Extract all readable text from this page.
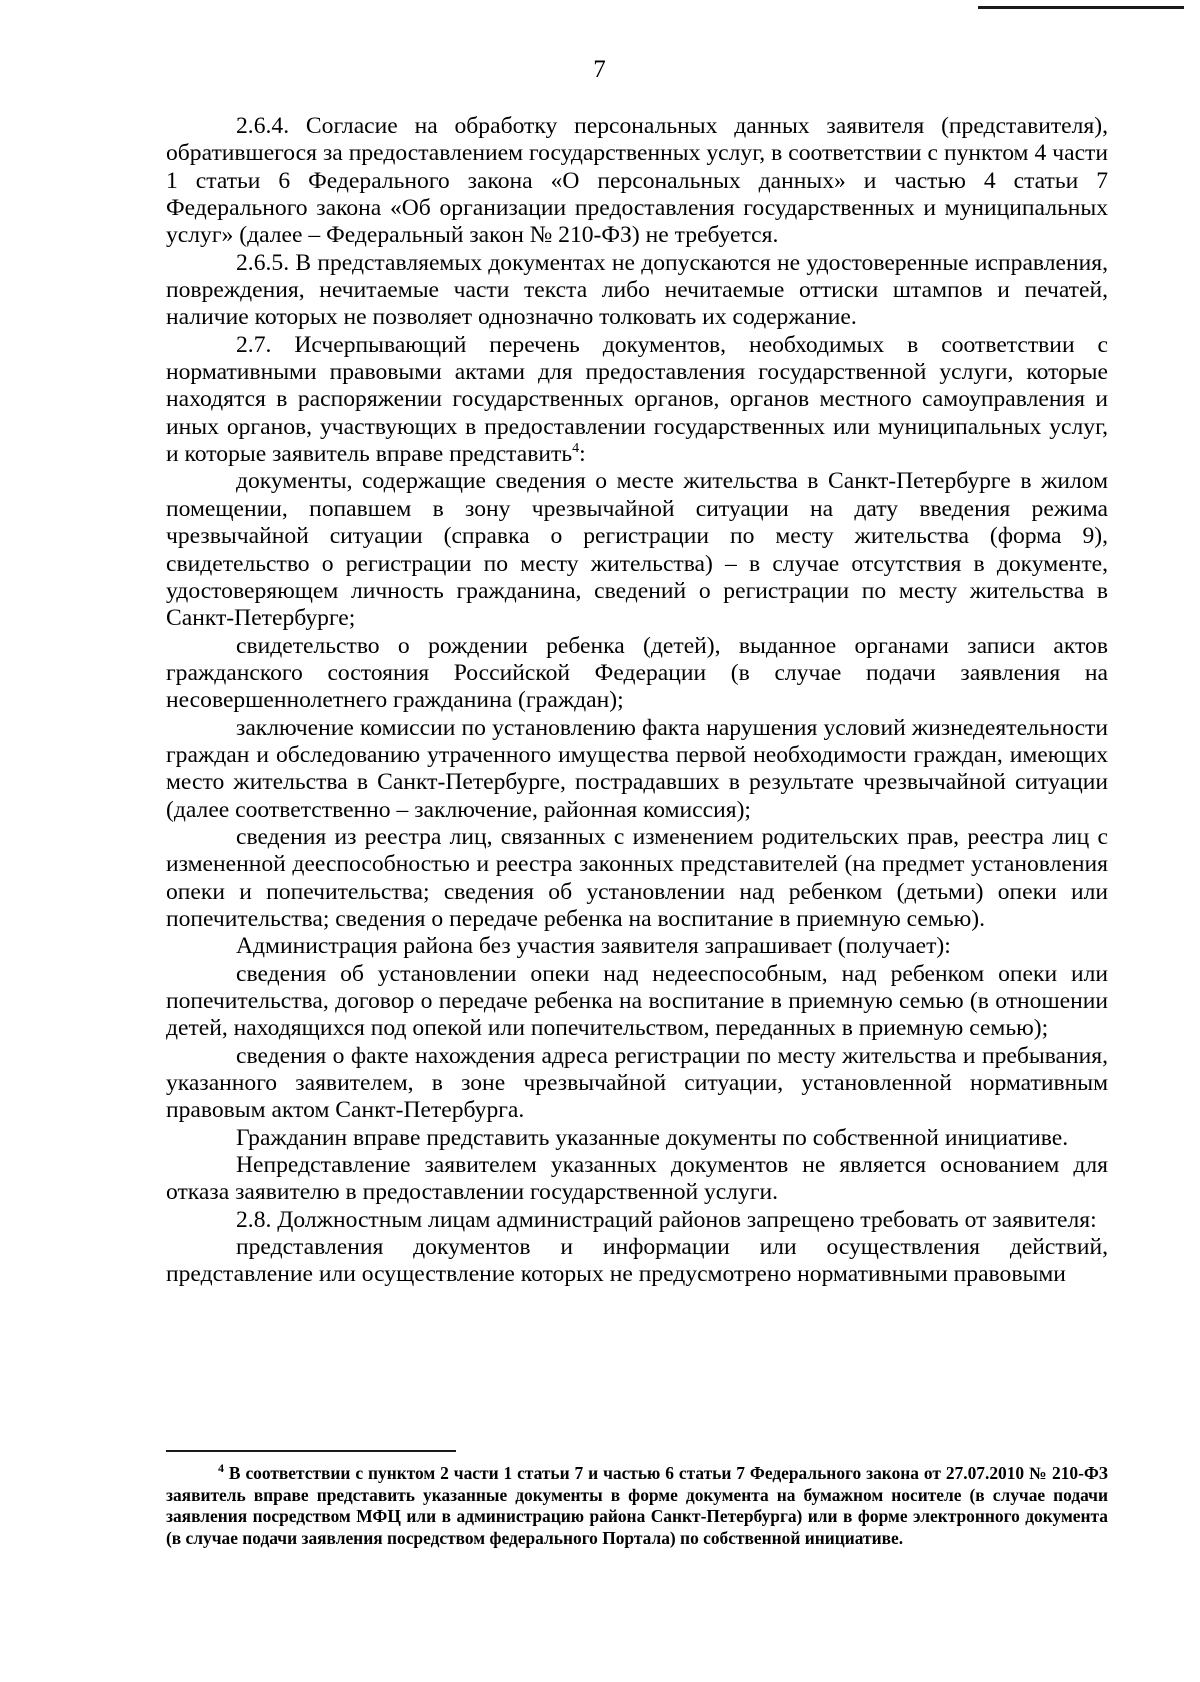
7

2.6.4. Согласие на обработку персональных данных заявителя (представителя), обратившегося за предоставлением государственных услуг, в соответствии с пунктом 4 части 1 статьи 6 Федерального закона «О персональных данных» и частью 4 статьи 7 Федерального закона «Об организации предоставления государственных и муниципальных услуг» (далее – Федеральный закон № 210-ФЗ) не требуется.

2.6.5. В представляемых документах не допускаются не удостоверенные исправления, повреждения, нечитаемые части текста либо нечитаемые оттиски штампов и печатей, наличие которых не позволяет однозначно толковать их содержание.

2.7. Исчерпывающий перечень документов, необходимых в соответствии с нормативными правовыми актами для предоставления государственной услуги, которые находятся в распоряжении государственных органов, органов местного самоуправления и иных органов, участвующих в предоставлении государственных или муниципальных услуг, и которые заявитель вправе представить$^4$:

документы, содержащие сведения о месте жительства в Санкт-Петербурге в жилом помещении, попавшем в зону чрезвычайной ситуации на дату введения режима чрезвычайной ситуации (справка о регистрации по месту жительства (форма 9), свидетельство о регистрации по месту жительства) – в случае отсутствия в документе, удостоверяющем личность гражданина, сведений о регистрации по месту жительства в Санкт-Петербурге;

свидетельство о рождении ребенка (детей), выданное органами записи актов гражданского состояния Российской Федерации (в случае подачи заявления на несовершеннолетнего гражданина (граждан);

заключение комиссии по установлению факта нарушения условий жизнедеятельности граждан и обследованию утраченного имущества первой необходимости граждан, имеющих место жительства в Санкт-Петербурге, пострадавших в результате чрезвычайной ситуации (далее соответственно – заключение, районная комиссия);

сведения из реестра лиц, связанных с изменением родительских прав, реестра лиц с измененной дееспособностью и реестра законных представителей (на предмет установления опеки и попечительства; сведения об установлении над ребенком (детьми) опеки или попечительства; сведения о передаче ребенка на воспитание в приемную семью).

Администрация района без участия заявителя запрашивает (получает):

сведения об установлении опеки над недееспособным, над ребенком опеки или попечительства, договор о передаче ребенка на воспитание в приемную семью (в отношении детей, находящихся под опекой или попечительством, переданных в приемную семью);

сведения о факте нахождения адреса регистрации по месту жительства и пребывания, указанного заявителем, в зоне чрезвычайной ситуации, установленной нормативным правовым актом Санкт-Петербурга.

Гражданин вправе представить указанные документы по собственной инициативе.

Непредставление заявителем указанных документов не является основанием для отказа заявителю в предоставлении государственной услуги.

2.8. Должностным лицам администраций районов запрещено требовать от заявителя:

представления документов и информации или осуществления действий, представление или осуществление которых не предусмотрено нормативными правовыми

$^4$ В соответствии с пунктом 2 части 1 статьи 7 и частью 6 статьи 7 Федерального закона от 27.07.2010 № 210-ФЗ заявитель вправе представить указанные документы в форме документа на бумажном носителе (в случае подачи заявления посредством МФЦ или в администрацию района Санкт-Петербурга) или в форме электронного документа (в случае подачи заявления посредством федерального Портала) по собственной инициативе.
